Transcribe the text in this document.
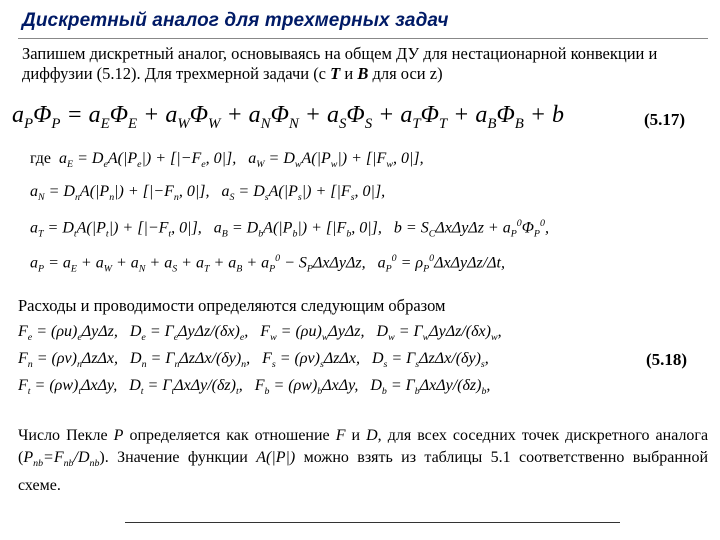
Дискретный аналог для трехмерных задач
Запишем дискретный аналог, основываясь на общем ДУ для нестационарной конвекции и диффузии (5.12). Для трехмерной задачи (с T и B для оси z)
$a_P\Phi_P = a_E\Phi_E + a_W\Phi_W + a_N\Phi_N + a_S\Phi_S + a_T\Phi_T + a_B\Phi_B + b$	(5.17)
где  $a_E = D_eA(|P_e|) + [|-F_e$, 0|],   $a_W = D_wA(|P_w|) + [|F_w$, 0|],
$a_N = D_nA(|P_n|) + [|-F_n$, 0|],   $a_S = D_sA(|P_s|) + [|F_s$, 0|],
$a_T = D_tA(|P_t|) + [|-F_t$, 0|],   $a_B = D_bA(|P_b|) + [|F_b$, 0|],   $b = S_C\Delta x\Delta y\Delta z + a_P^0\Phi_P^0$,
$a_P = a_E + a_W + a_N + a_S + a_T + a_B + a_P^0 - S_P\Delta x\Delta y\Delta z$,   $a_P^0 = \rho_P^0\Delta x\Delta y\Delta z/\Delta t$,
Расходы и проводимости определяются следующим образом
$F_e = (\rho u)_e\Delta y\Delta z$,   $D_e = \Gamma_e\Delta y\Delta z/(\delta x)_e$,   $F_w = (\rho u)_w\Delta y\Delta z$,   $D_w = \Gamma_w\Delta y\Delta z/(\delta x)_w$,
$F_n = (\rho v)_n\Delta z\Delta x$,   $D_n = \Gamma_n\Delta z\Delta x/(\delta y)_n$,   $F_s = (\rho v)_s\Delta z\Delta x$,   $D_s = \Gamma_s\Delta z\Delta x/(\delta y)_s$,
$F_t = (\rho w)_t\Delta x\Delta y$,   $D_t = \Gamma_t\Delta x\Delta y/(\delta z)_t$,   $F_b = (\rho w)_b\Delta x\Delta y$,   $D_b = \Gamma_b\Delta x\Delta y/(\delta z)_b$,
(5.18)
Число Пекле P определяется как отношение F и D, для всех соседних точек дискретного аналога $(P_{nb}=F_{nb}/D_{nb})$. Значение функции A(|P|) можно взять из таблицы 5.1 соответственно выбранной схеме.
